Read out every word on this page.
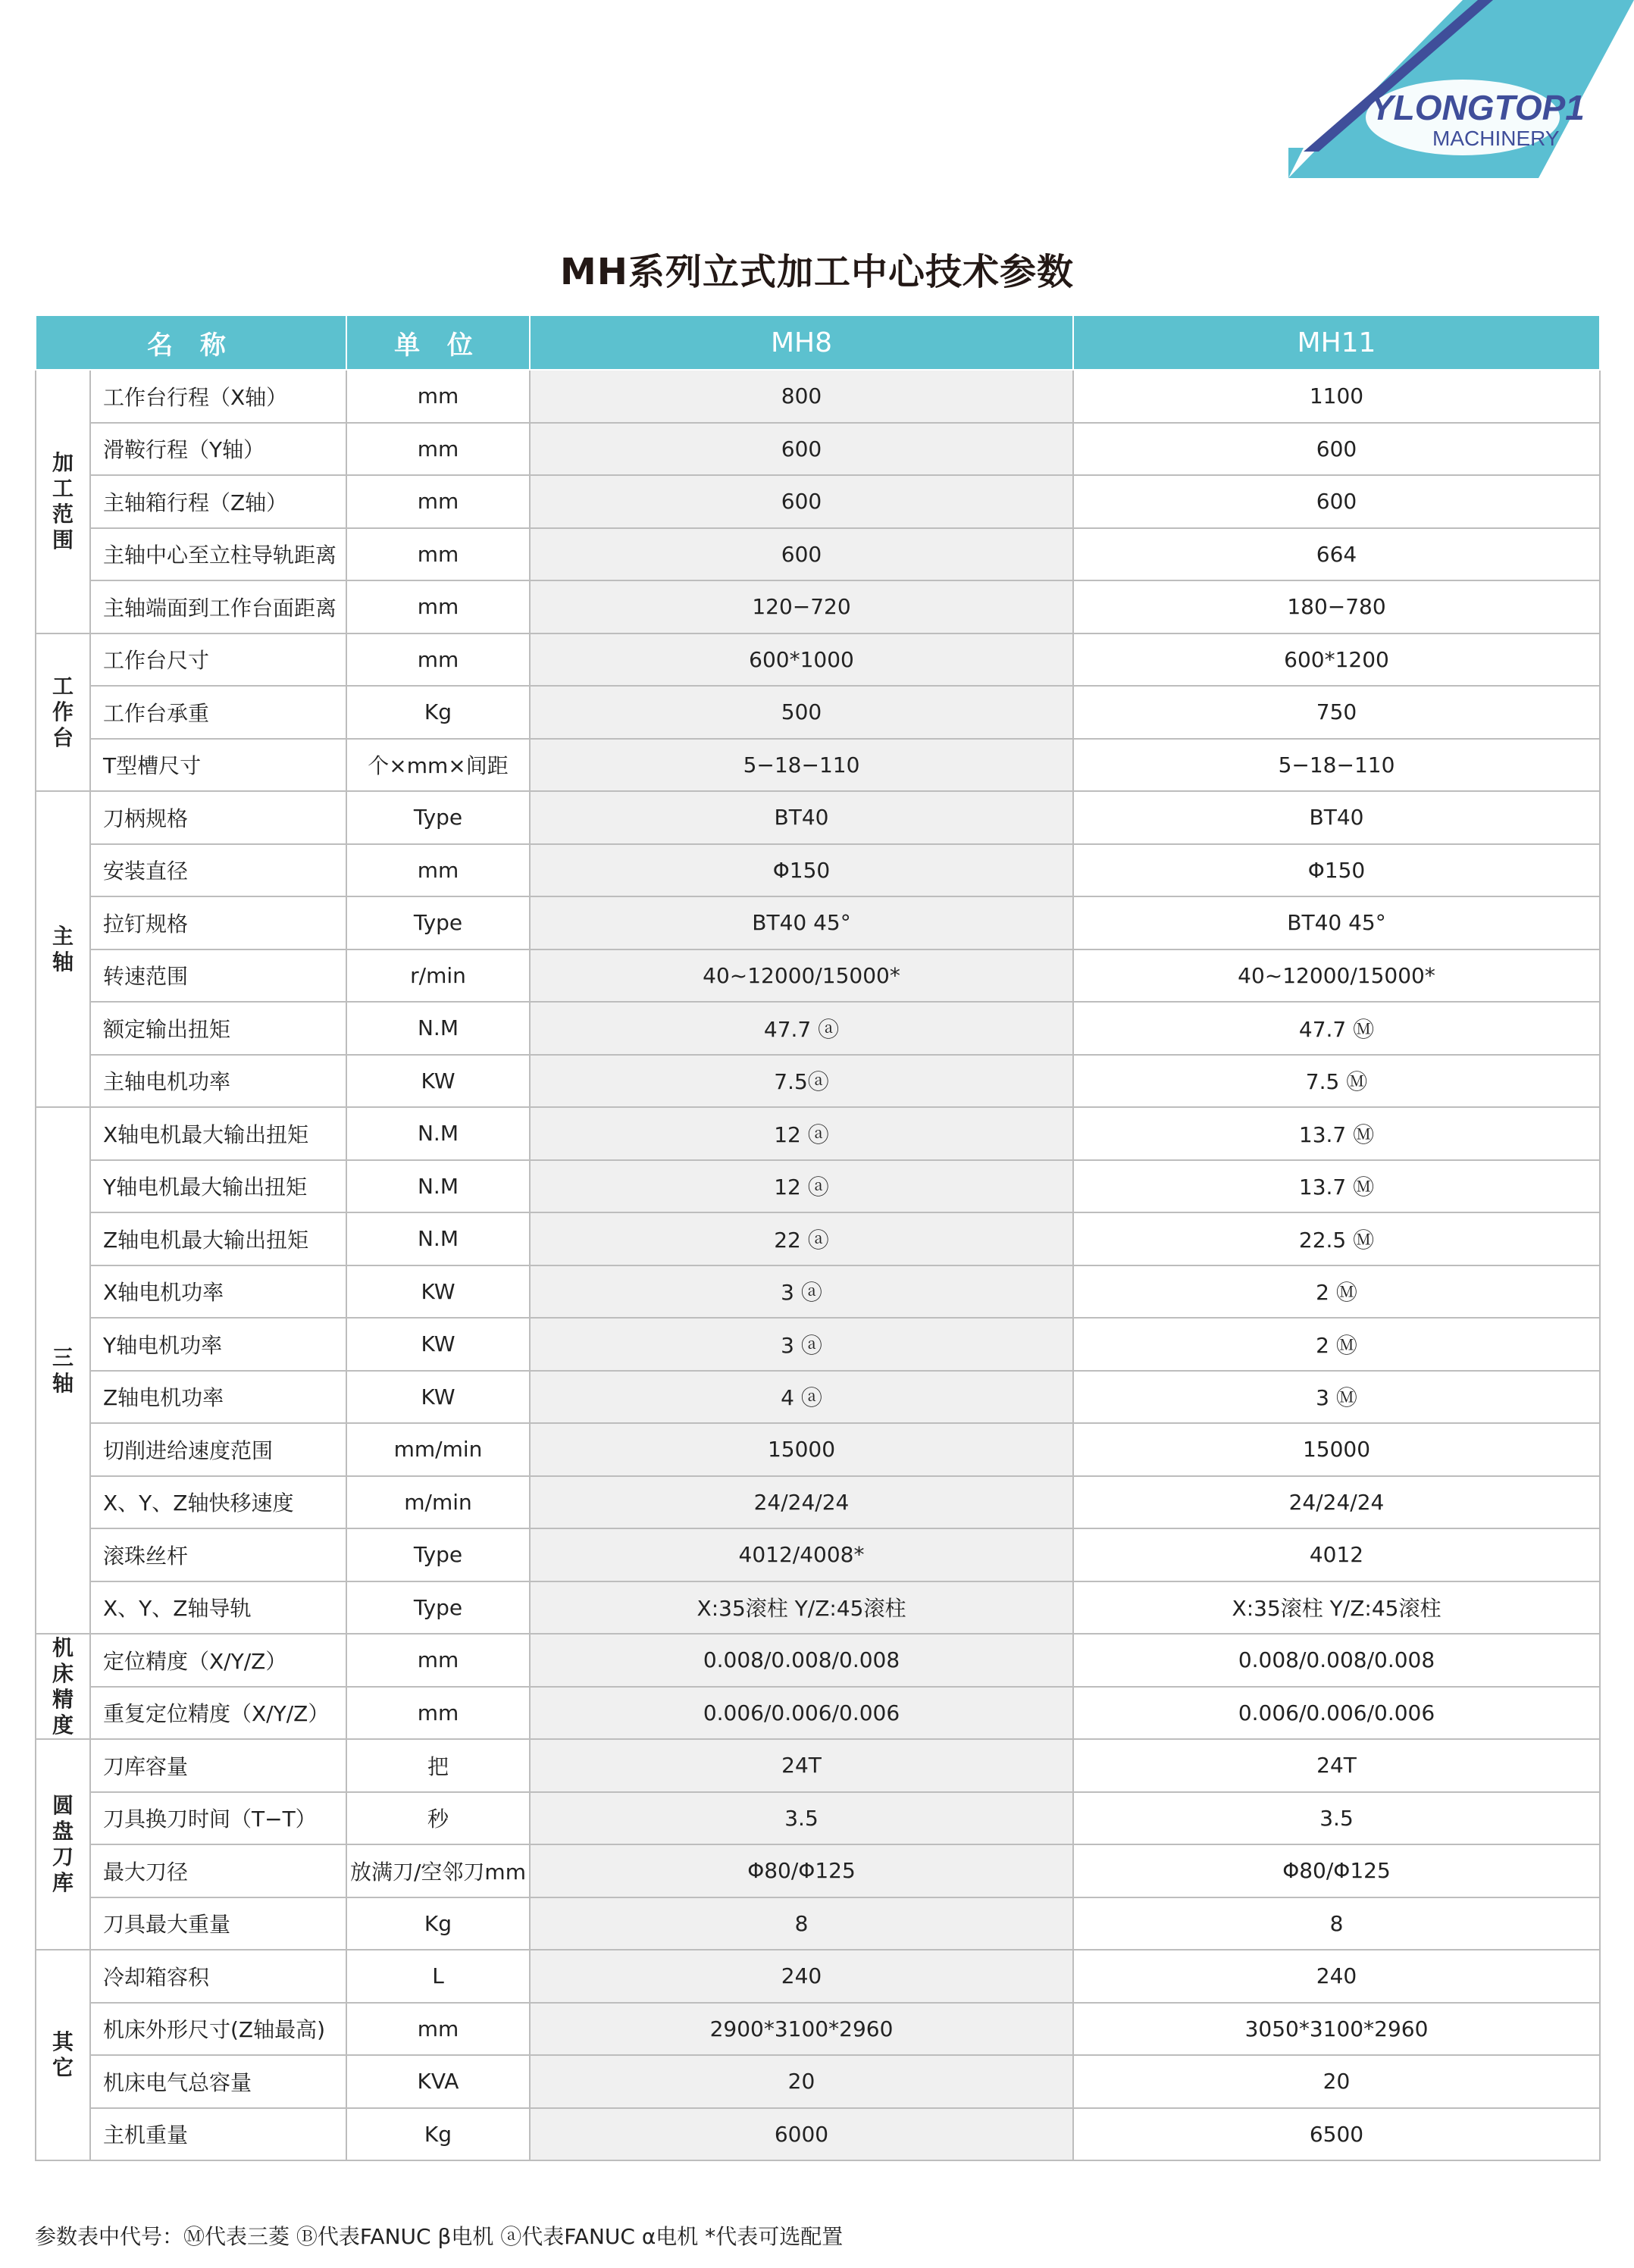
YLONGTOP1
MACHINERY
MH系列立式加工中心技术参数
名 称		单 位	MH8	MH11
加
工
范
围	工作台行程（X轴）	mm	800	1100
	滑鞍行程（Y轴）	mm	600	600
	主轴箱行程（Z轴）	mm	600	600
	主轴中心至立柱导轨距离	mm	600	664
	主轴端面到工作台面距离	mm	120−720	180−780
工
作
台	工作台尺寸	mm	600*1000	600*1200
	工作台承重	Kg	500	750
	T型槽尺寸	个×mm×间距	5−18−110	5−18−110
主
轴	刀柄规格	Type	BT40	BT40
	安装直径	mm	Φ150	Φ150
	拉钉规格	Type	BT40 45°	BT40 45°
	转速范围	r/min	40~12000/15000*	40~12000/15000*
	额定输出扭矩	N.M	47.7 ⓐ	47.7 Ⓜ
	主轴电机功率	KW	7.5ⓐ	7.5 Ⓜ
三
轴	X轴电机最大输出扭矩	N.M	12 ⓐ	13.7 Ⓜ
	Y轴电机最大输出扭矩	N.M	12 ⓐ	13.7 Ⓜ
	Z轴电机最大输出扭矩	N.M	22 ⓐ	22.5 Ⓜ
	X轴电机功率	KW	3 ⓐ	2 Ⓜ
	Y轴电机功率	KW	3 ⓐ	2 Ⓜ
	Z轴电机功率	KW	4 ⓐ	3 Ⓜ
	切削进给速度范围	mm/min	15000	15000
	X、Y、Z轴快移速度	m/min	24/24/24	24/24/24
	滚珠丝杆	Type	4012/4008*	4012
	X、Y、Z轴导轨	Type	X:35滚柱 Y/Z:45滚柱	X:35滚柱 Y/Z:45滚柱
机
床
精
度	定位精度（X/Y/Z）	mm	0.008/0.008/0.008	0.008/0.008/0.008
	重复定位精度（X/Y/Z）	mm	0.006/0.006/0.006	0.006/0.006/0.006
圆
盘
刀
库	刀库容量	把	24T	24T
	刀具换刀时间（T−T）	秒	3.5	3.5
	最大刀径	放满刀/空邻刀mm	Φ80/Φ125	Φ80/Φ125
	刀具最大重量	Kg	8	8
其
它	冷却箱容积	L	240	240
	机床外形尺寸(Z轴最高)	mm	2900*3100*2960	3050*3100*2960
	机床电气总容量	KVA	20	20
	主机重量	Kg	6000	6500
参数表中代号：Ⓜ代表三菱 Ⓑ代表FANUC β电机 ⓐ代表FANUC α电机 *代表可选配置
